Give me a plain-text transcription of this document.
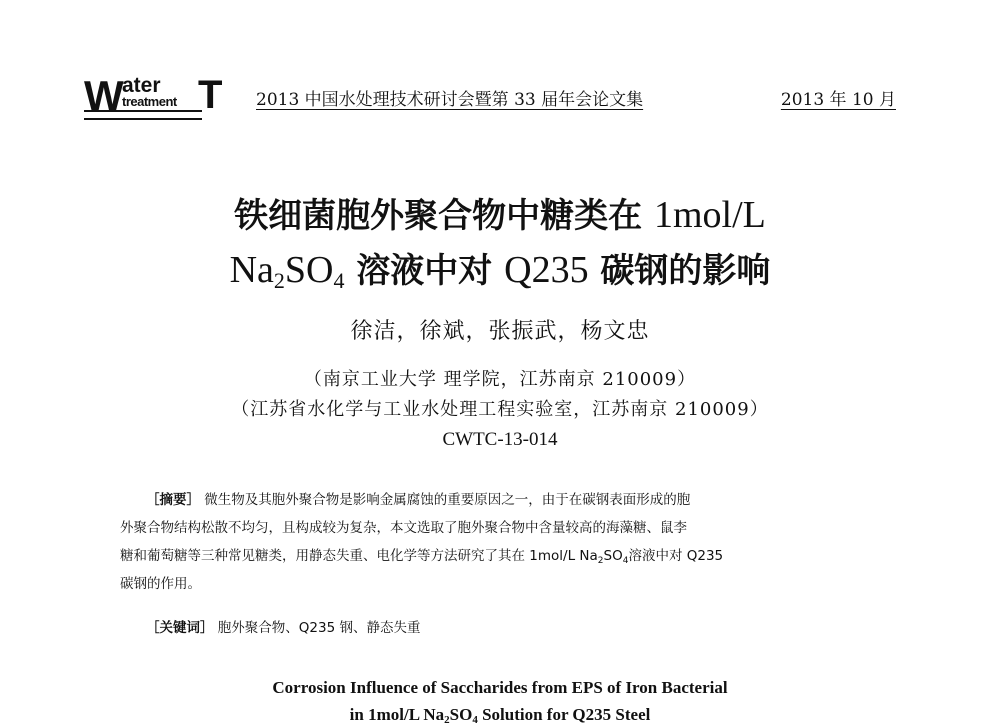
W ater
treatment T 2013 中国水处理技术研讨会暨第 33 届年会论文集	2013 年 10 月
铁细菌胞外聚合物中糖类在 1mol/L
$Na_2SO_4$ 溶液中对 Q235 碳钢的影响
徐洁，徐斌，张振武，杨文忠
（南京工业大学 理学院，江苏南京 210009）
（江苏省水化学与工业水处理工程实验室，江苏南京 210009）
CWTC-13-014
［摘要］ 微生物及其胞外聚合物是影响金属腐蚀的重要原因之一，由于在碳钢表面形成的胞
外聚合物结构松散不均匀，且构成较为复杂，本文选取了胞外聚合物中含量较高的海藻糖、鼠李
糖和葡萄糖等三种常见糖类，用静态失重、电化学等方法研究了其在 1mol/L $Na_2SO_4$溶液中对 Q235
碳钢的作用。
［关键词］ 胞外聚合物、Q235 钢、静态失重
Corrosion Influence of Saccharides from EPS of Iron Bacterial
in 1mol/L $Na_2SO_4$ Solution for Q235 Steel
